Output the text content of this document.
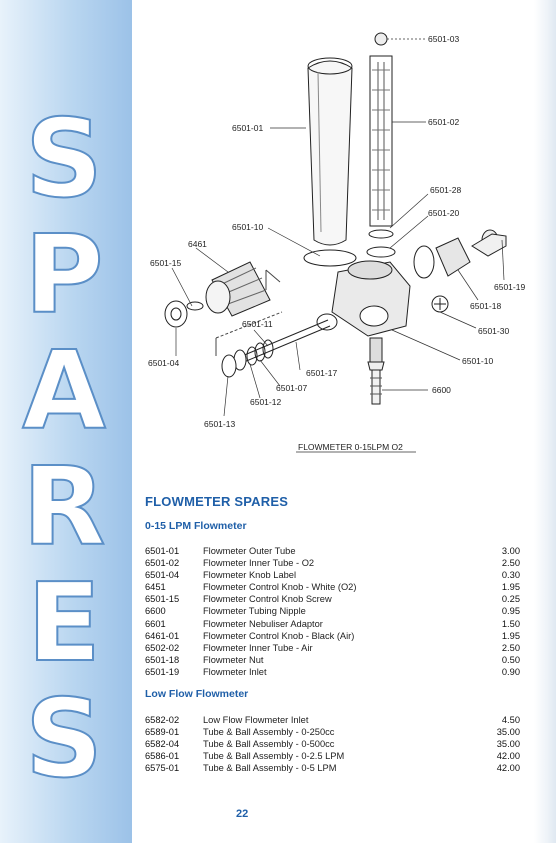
S
P
A
R
E
S
6501-03
6501-01
6501-02
6501-28
6501-20
6501-10
6461
6501-15
6501-19
6501-18
6501-30
6501-11
6501-04
6501-17
6501-07
6501-12
6501-10
6600
6501-13
FLOWMETER 0-15LPM O2
FLOWMETER SPARES
0-15 LPM Flowmeter
6501-01	Flowmeter Outer Tube	3.00
6501-02	Flowmeter Inner Tube - O2	2.50
6501-04	Flowmeter Knob Label	0.30
6451	Flowmeter Control Knob - White (O2)	1.95
6501-15	Flowmeter Control Knob Screw	0.25
6600	Flowmeter Tubing Nipple	0.95
6601	Flowmeter Nebuliser Adaptor	1.50
6461-01	Flowmeter Control Knob - Black (Air)	1.95
6502-02	Flowmeter Inner Tube - Air	2.50
6501-18	Flowmeter Nut	0.50
6501-19	Flowmeter Inlet	0.90
Low Flow Flowmeter
6582-02	Low Flow Flowmeter Inlet	4.50
6589-01	Tube & Ball Assembly - 0-250cc	35.00
6582-04	Tube & Ball Assembly - 0-500cc	35.00
6586-01	Tube & Ball Assembly - 0-2.5 LPM	42.00
6575-01	Tube & Ball Assembly - 0-5 LPM	42.00
22
